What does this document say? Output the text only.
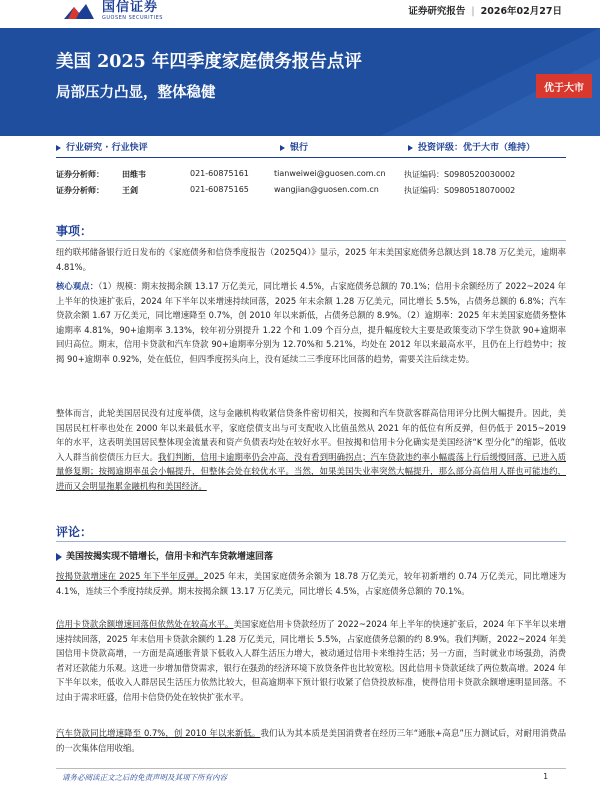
国信证券
GUOSEN SECURITIES
证券研究报告 | 2026年02月27日
美国 2025 年四季度家庭债务报告点评
局部压力凸显，整体稳健	优于大市
行业研究 · 行业快评	银行	投资评级：优于大市（维持）
证券分析师： 田维韦	021-60875161	tianweiwei@guosen.com.cn 执证编码：S0980520030002
证券分析师： 王剑	021-60875165	wangjian@guosen.com.cn	执证编码：S0980518070002
事项：
纽约联邦储备银行近日发布的《家庭债务和信贷季度报告（2025Q4）》显示，2025 年末美国家庭债务总额达到 18.78 万亿美元，逾期率 4.81%。
核心观点：（1）规模：期末按揭余额 13.17 万亿美元，同比增长 4.5%，占家庭债务总额的 70.1%；信用卡余额经历了 2022~2024 年上半年的快速扩张后，2024 年下半年以来增速持续回落，2025 年末余额 1.28 万亿美元，同比增长 5.5%，占债务总额的 6.8%；汽车贷款余额 1.67 万亿美元，同比增速降至 0.7%，创 2010 年以来新低，占债务总额的 8.9%。（2）逾期率：2025 年末美国家庭债务整体逾期率 4.81%，90+逾期率 3.13%，较年初分别提升 1.22 个和 1.09 个百分点，提升幅度较大主要是政策变动下学生贷款 90+逾期率回归高位。期末，信用卡贷款和汽车贷款 90+逾期率分别为 12.70%和 5.21%，均处在 2012 年以来最高水平，且仍在上行趋势中；按揭 90+逾期率 0.92%，处在低位，但四季度拐头向上，没有延续二三季度环比回落的趋势，需要关注后续走势。
整体而言，此轮美国居民没有过度举债，这与金融机构收紧信贷条件密切相关，按揭和汽车贷款客群高信用评分比例大幅提升。因此，美国居民杠杆率也处在 2000 年以来最低水平，家庭偿债支出与可支配收入比值虽然从 2021 年的低位有所反弹，但仍低于 2015~2019 年的水平，这表明美国居民整体现金流量表和资产负债表均处在较好水平。但按揭和信用卡分化确实是美国经济“K 型分化”的缩影，低收入人群当前偿债压力巨大。我们判断，信用卡逾期率仍会冲高，没有看到明确拐点；汽车贷款违约率小幅震荡上行后缓慢回落，已进入质量修复期；按揭逾期率虽会小幅提升，但整体会处在较优水平。当然，如果美国失业率突然大幅提升，那么部分高信用人群也可能违约，进而又会明显拖累金融机构和美国经济。
评论：
美国按揭实现不错增长，信用卡和汽车贷款增速回落
按揭贷款增速在 2025 年下半年反弹。2025 年末，美国家庭债务余额为 18.78 万亿美元，较年初新增约 0.74 万亿美元，同比增速为 4.1%，连续三个季度持续反弹。期末按揭余额 13.17 万亿美元，同比增长 4.5%，占家庭债务总额的 70.1%。
信用卡贷款余额增速回落但依然处在较高水平。美国家庭信用卡贷款经历了 2022~2024 年上半年的快速扩张后，2024 年下半年以来增速持续回落，2025 年末信用卡贷款余额约 1.28 万亿美元，同比增长 5.5%，占家庭债务总额的约 8.9%。我们判断，2022~2024 年美国信用卡贷款高增，一方面是高通胀背景下低收入人群生活压力增大，被动通过信用卡来维持生活；另一方面，当时就业市场强劲，消费者对还款能力乐观。这进一步增加借贷需求，银行在强劲的经济环境下放贷条件也比较宽松。因此信用卡贷款延续了两位数高增。2024 年下半年以来，低收入人群居民生活压力依然比较大，但高逾期率下预计银行收紧了信贷投放标准，使得信用卡贷款余额增速明显回落。不过由于需求旺盛，信用卡信贷仍处在较快扩张水平。
汽车贷款同比增速降至 0.7%，创 2010 年以来新低。我们认为其本质是美国消费者在经历三年“通胀+高息”压力测试后，对耐用消费品的一次集体信用收缩。
请务必阅读正文之后的免责声明及其项下所有内容	1
